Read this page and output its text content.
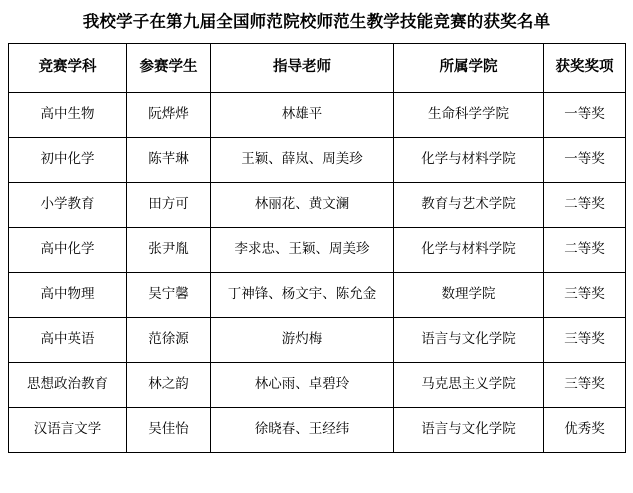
我校学子在第九届全国师范院校师范生教学技能竞赛的获奖名单
竞赛学科	参赛学生	指导老师	所属学院	获奖奖项
高中生物	阮烨烨	林雄平	生命科学学院	一等奖
初中化学	陈芊琳	王颖、薛岚、周美珍	化学与材料学院	一等奖
小学教育	田方可	林丽花、黄文澜	教育与艺术学院	二等奖
高中化学	张尹胤	李求忠、王颖、周美珍	化学与材料学院	二等奖
高中物理	吴宁馨	丁神锋、杨文宇、陈允金	数理学院	三等奖
高中英语	范徐源	游灼梅	语言与文化学院	三等奖
思想政治教育	林之韵	林心雨、卓碧玲	马克思主义学院	三等奖
汉语言文学	吴佳怡	徐晓春、王经纬	语言与文化学院	优秀奖
